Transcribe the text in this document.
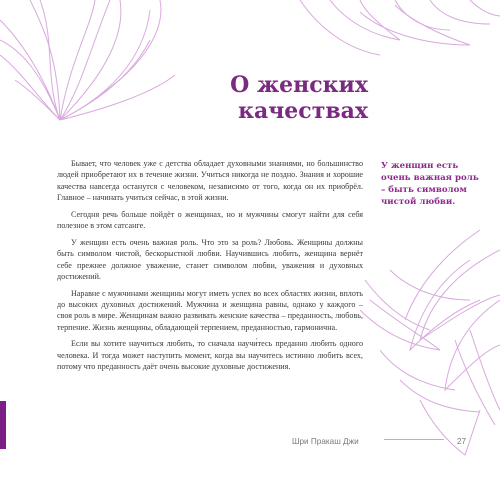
О женских
качествах

Бывает, что человек уже с детства обладает духовными знаниями, но большинство людей приобретают их в течение жизни. Учиться никогда не поздно. Знания и хорошие качества навсегда останутся с человеком, независимо от того, когда он их приобрёл. Главное – начинать учиться сейчас, в этой жизни.

Сегодня речь больше пойдёт о женщинах, но и мужчины смогут найти для себя полезное в этом сатсанге.

У женщин есть очень важная роль. Что это за роль? Любовь. Женщины должны быть символом чистой, бескорыстной любви. Научившись любить, женщина вернёт себе прежнее должное уважение, станет символом любви, уважения и духовных достижений.

Наравне с мужчинами женщины могут иметь успех во всех областях жизни, вплоть до высоких духовных достижений. Мужчина и женщина равны, однако у каждого – своя роль в мире. Женщинам важно развивать женские качества – преданность, любовь, терпение. Жизнь женщины, обладающей терпением, преданностью, гармонична.

Если вы хотите научиться любить, то сначала научи́тесь преданно любить одного человека. И тогда может наступить момент, когда вы научитесь истинно любить всех, потому что преданность даёт очень высокие духовные достижения.

У женщин есть очень важная роль – быть символом чистой любви.

Шри Пракаш Джи	27
